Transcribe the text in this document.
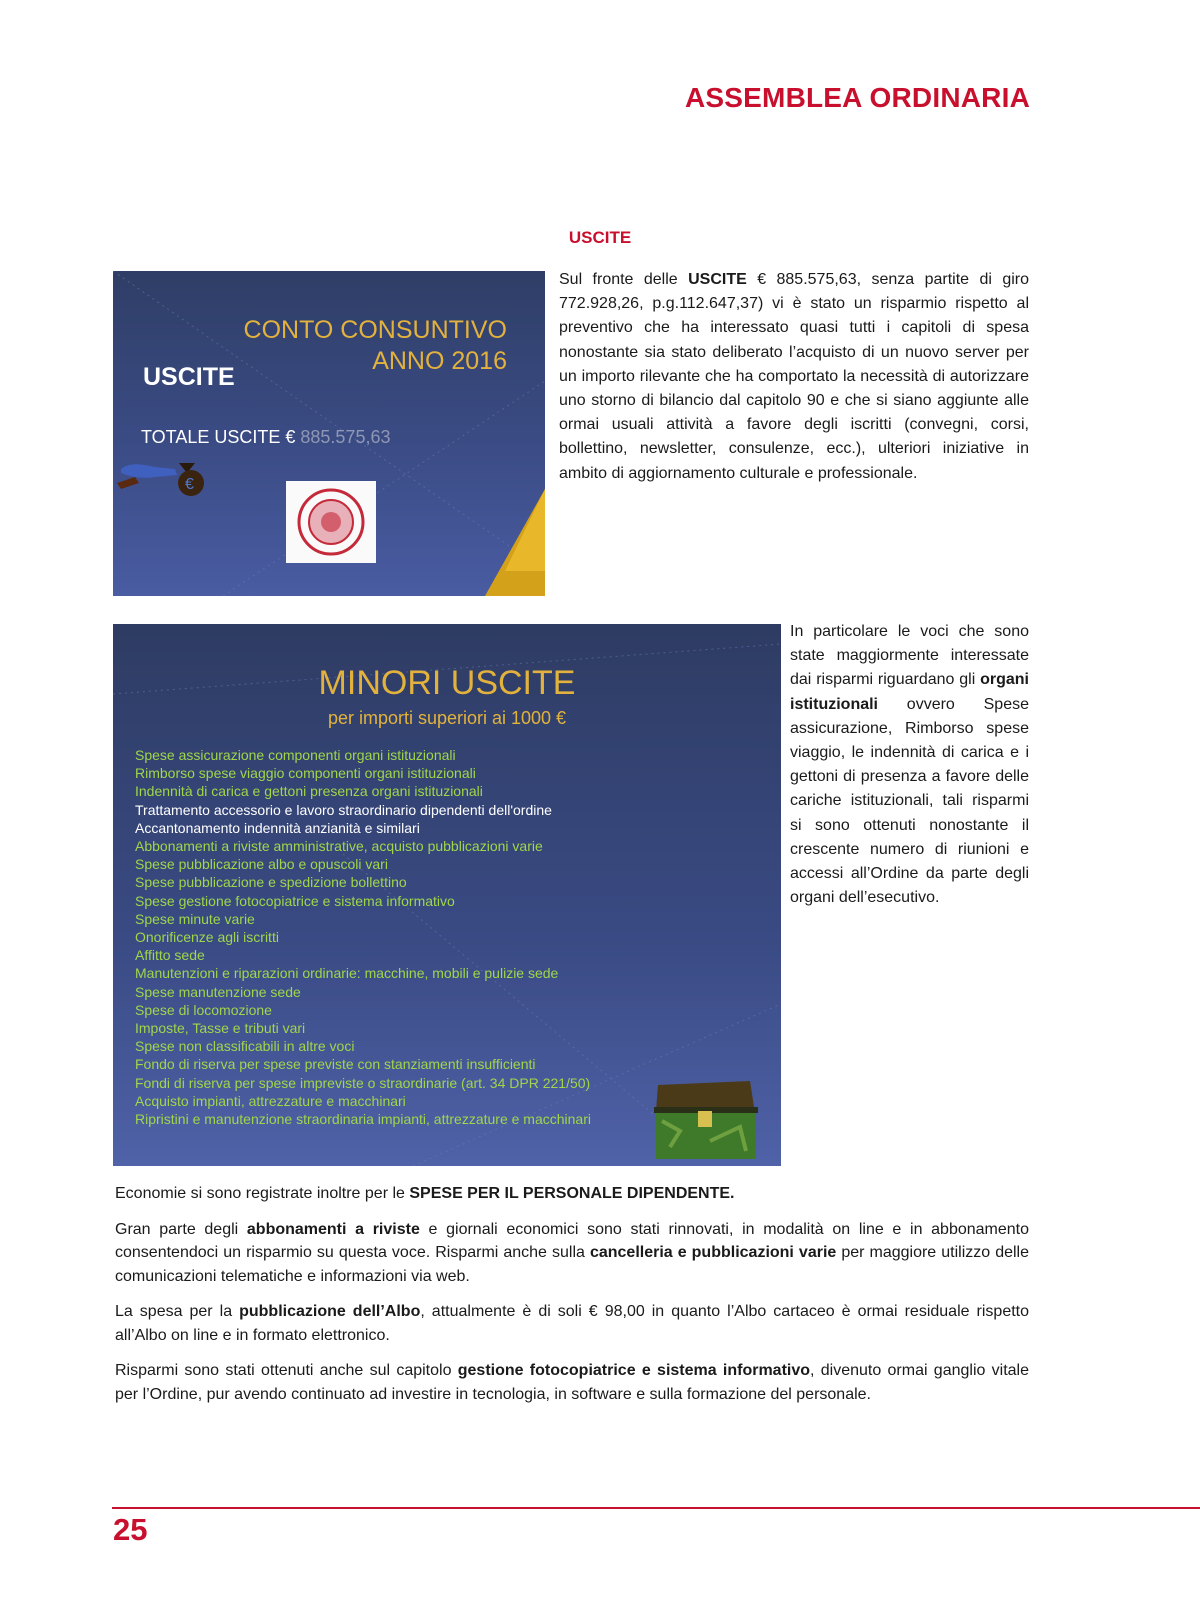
ASSEMBLEA ORDINARIA
USCITE
CONTO CONSUNTIVO
ANNO 2016
USCITE
TOTALE USCITE € 885.575,63
€
MINORI USCITE
per importi superiori ai 1000 €
Spese assicurazione componenti organi istituzionali
Rimborso spese viaggio componenti organi istituzionali
Indennità di carica e gettoni presenza organi istituzionali
Trattamento accessorio e lavoro straordinario dipendenti dell'ordine
Accantonamento indennità anzianità e similari
Abbonamenti a riviste amministrative, acquisto pubblicazioni varie
Spese pubblicazione albo e opuscoli vari
Spese pubblicazione e spedizione bollettino
Spese gestione fotocopiatrice e sistema informativo
Spese minute varie
Onorificenze agli iscritti
Affitto sede
Manutenzioni e riparazioni ordinarie: macchine, mobili e pulizie sede
Spese manutenzione sede
Spese di locomozione
Imposte, Tasse e tributi vari
Spese non classificabili in altre voci
Fondo di riserva per spese previste con stanziamenti insufficienti
Fondi di riserva per spese impreviste o straordinarie (art. 34 DPR 221/50)
Acquisto impianti, attrezzature e macchinari
Ripristini e manutenzione straordinaria impianti, attrezzature e macchinari
Sul fronte delle USCITE € 885.575,63, senza partite di giro 772.928,26, p.g.112.647,37) vi è stato un risparmio rispetto al preventivo che ha interessato quasi tutti i capitoli di spesa nonostante sia stato deliberato l’acquisto di un nuovo server per un importo rilevante che ha comportato la necessità di autorizzare uno storno di bilancio dal capitolo 90 e che si siano aggiunte alle ormai usuali attività a favore degli iscritti (convegni, corsi, bollettino, newsletter, consulenze, ecc.), ulteriori iniziative in ambito di aggiornamento culturale e professionale.
In particolare le voci che sono state maggiormente interessate dai risparmi riguardano gli organi istituzionali ovvero Spese assicurazione, Rimborso spese viaggio, le indennità di carica e i gettoni di presenza a favore delle cariche istituzionali, tali risparmi si sono ottenuti nonostante il crescente numero di riunioni e accessi all’Ordine da parte degli organi dell’esecutivo.

Economie si sono registrate inoltre per le SPESE PER IL PERSONALE DIPENDENTE.

Gran parte degli abbonamenti a riviste e giornali economici sono stati rinnovati, in modalità on line e in abbonamento consentendoci un risparmio su questa voce. Risparmi anche sulla cancelleria e pubblicazioni varie per maggiore utilizzo delle comunicazioni telematiche e informazioni via web.

La spesa per la pubblicazione dell’Albo, attualmente è di soli € 98,00 in quanto l’Albo cartaceo è ormai residuale rispetto all’Albo on line e in formato elettronico.

Risparmi sono stati ottenuti anche sul capitolo gestione fotocopiatrice e sistema informativo, divenuto ormai ganglio vitale per l’Ordine, pur avendo continuato ad investire in tecnologia, in software e sulla formazione del personale.

25
